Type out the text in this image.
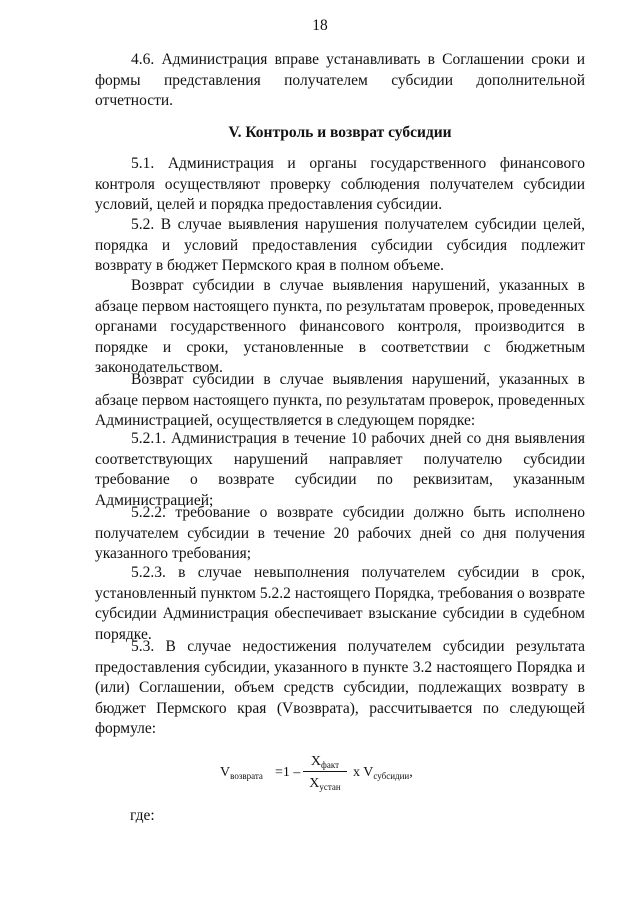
18

4.6. Администрация вправе устанавливать в Соглашении сроки и формы представления получателем субсидии дополнительной отчетности.

V. Контроль и возврат субсидии

5.1. Администрация и органы государственного финансового контроля осуществляют проверку соблюдения получателем субсидии условий, целей и порядка предоставления субсидии.

5.2. В случае выявления нарушения получателем субсидии целей, порядка и условий предоставления субсидии субсидия подлежит возврату в бюджет Пермского края в полном объеме.

Возврат субсидии в случае выявления нарушений, указанных в абзаце первом настоящего пункта, по результатам проверок, проведенных органами государственного финансового контроля, производится в порядке и сроки, установленные в соответствии с бюджетным законодательством.

Возврат субсидии в случае выявления нарушений, указанных в абзаце первом настоящего пункта, по результатам проверок, проведенных Администрацией, осуществляется в следующем порядке:

5.2.1. Администрация в течение 10 рабочих дней со дня выявления соответствующих нарушений направляет получателю субсидии требование о возврате субсидии по реквизитам, указанным Администрацией;

5.2.2. требование о возврате субсидии должно быть исполнено получателем субсидии в течение 20 рабочих дней со дня получения указанного требования;

5.2.3. в случае невыполнения получателем субсидии в срок, установленный пунктом 5.2.2 настоящего Порядка, требования о возврате субсидии Администрация обеспечивает взыскание субсидии в судебном порядке.

5.3. В случае недостижения получателем субсидии результата предоставления субсидии, указанного в пункте 3.2 настоящего Порядка и (или) Соглашении, объем средств субсидии, подлежащих возврату в бюджет Пермского края (Vвозврата), рассчитывается по следующей формуле:

$V_{возврата} =1$ –
$X_{факт}$
$X_{устан}$
x $V_{субсидии}$,
где:
